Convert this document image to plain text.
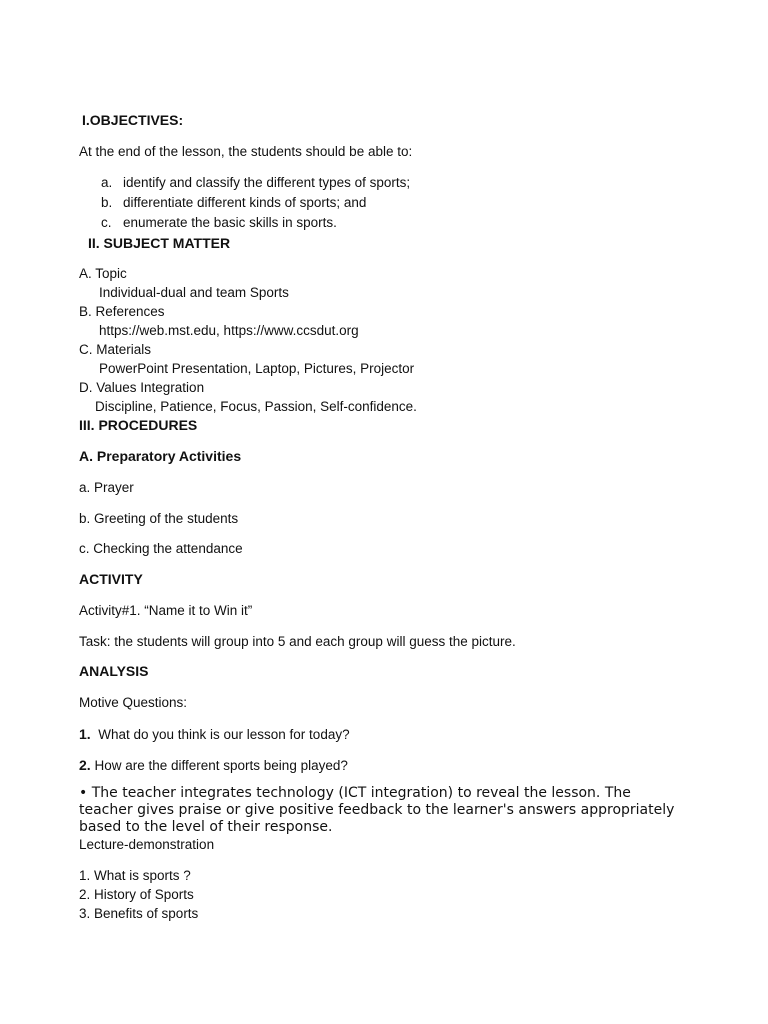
I.OBJECTIVES:
At the end of the lesson, the students should be able to:
a. identify and classify the different types of sports;
b. differentiate different kinds of sports; and
c. enumerate the basic skills in sports.
II. SUBJECT MATTER
A. Topic
Individual-dual and team Sports
B. References
https://web.mst.edu, https://www.ccsdut.org
C. Materials
PowerPoint Presentation, Laptop, Pictures, Projector
D. Values Integration
Discipline, Patience, Focus, Passion, Self-confidence.
III. PROCEDURES
A. Preparatory Activities
a. Prayer
b. Greeting of the students
c. Checking the attendance
ACTIVITY
Activity#1. “Name it to Win it”
Task: the students will group into 5 and each group will guess the picture.
ANALYSIS
Motive Questions:
1. What do you think is our lesson for today?
2. How are the different sports being played?
• The teacher integrates technology (ICT integration) to reveal the lesson. The teacher gives praise or give positive feedback to the learner's answers appropriately based to the level of their response.
Lecture-demonstration
1. What is sports ?
2. History of Sports
3. Benefits of sports
